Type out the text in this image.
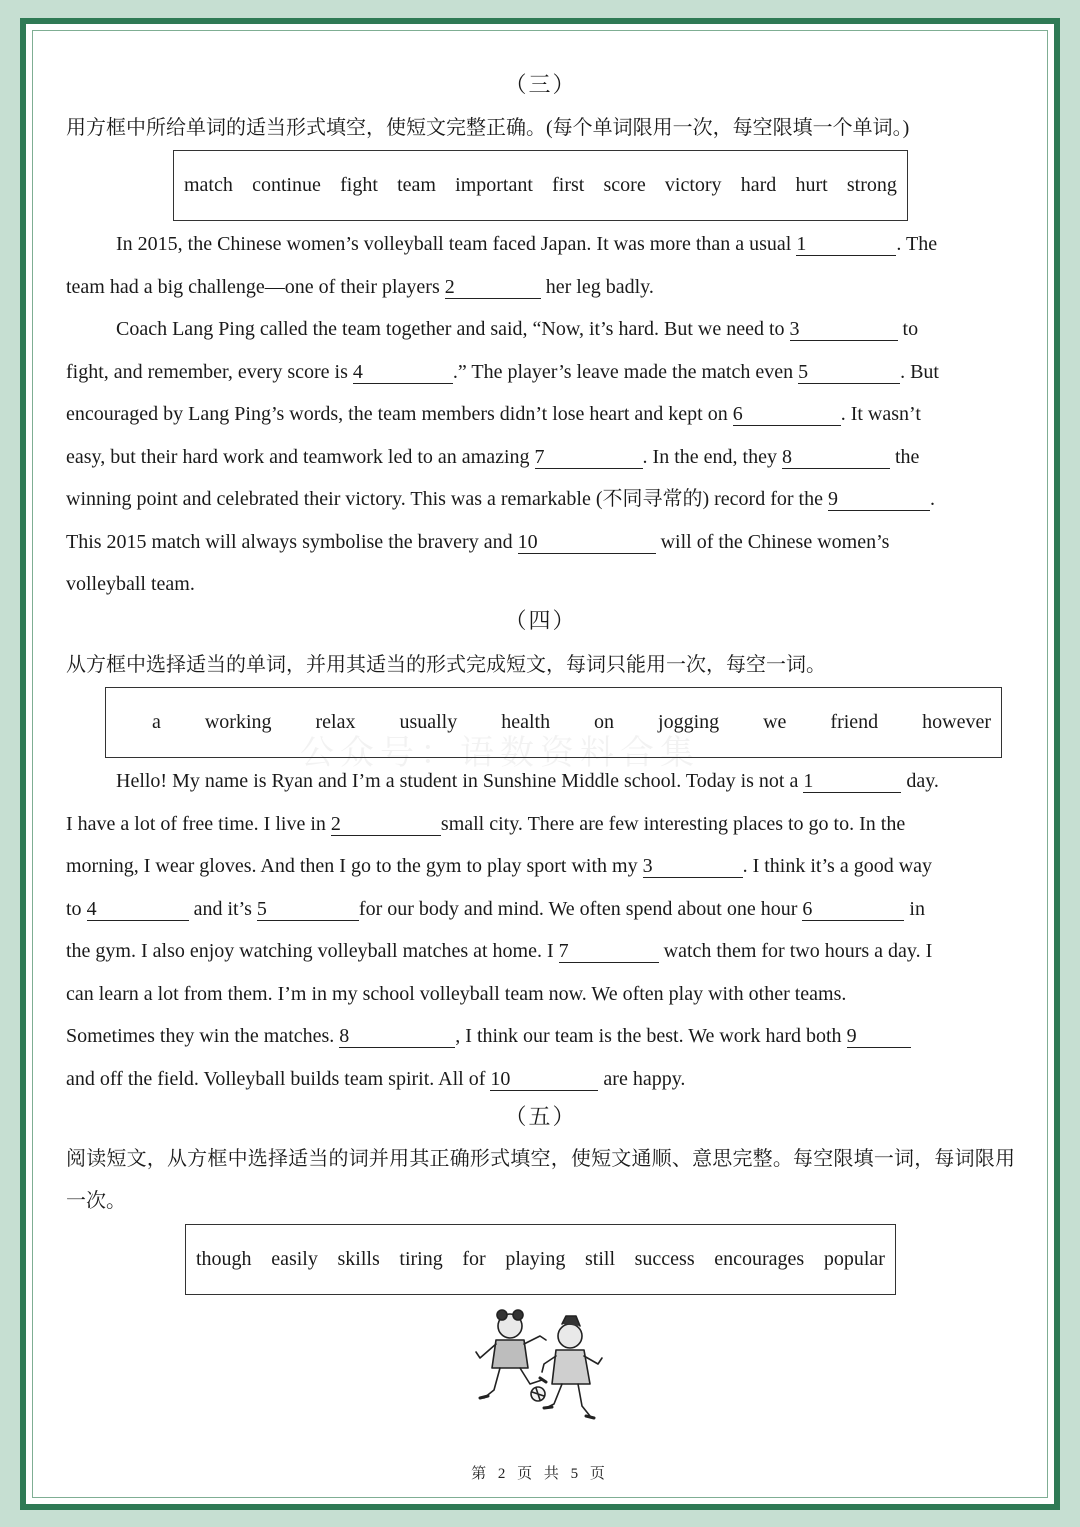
公众号：语数资料合集
（三）
用方框中所给单词的适当形式填空，使短文完整正确。(每个单词限用一次，每空限填一个单词。)
match continue fight team important first score victory hard hurt strong
In 2015, the Chinese women’s volleyball team faced Japan. It was more than a usual 1	. The
team had a big challenge—one of their players 2	her leg badly.
Coach Lang Ping called the team together and said, “Now, it’s hard. But we need to 3	to
fight, and remember, every score is 4	.” The player’s leave made the match even 5	. But
encouraged by Lang Ping’s words, the team members didn’t lose heart and kept on 6	. It wasn’t
easy, but their hard work and teamwork led to an amazing 7	. In the end, they 8	the
winning point and celebrated their victory. This was a remarkable (不同寻常的) record for the 9	.
This 2015 match will always symbolise the bravery and 10	will of the Chinese women’s
volleyball team.
（四）
从方框中选择适当的单词，并用其适当的形式完成短文，每词只能用一次，每空一词。
a working relax usually health on jogging we friend however
Hello! My name is Ryan and I’m a student in Sunshine Middle school. Today is not a 1	day.
I have a lot of free time. I live in 2	small city. There are few interesting places to go to. In the
morning, I wear gloves. And then I go to the gym to play sport with my 3	. I think it’s a good way
to 4	and it’s 5	for our body and mind. We often spend about one hour 6	in
the gym. I also enjoy watching volleyball matches at home. I 7	watch them for two hours a day. I
can learn a lot from them. I’m in my school volleyball team now. We often play with other teams.
Sometimes they win the matches. 8	, I think our team is the best. We work hard both 9
and off the field. Volleyball builds team spirit. All of 10	are happy.
（五）
阅读短文，从方框中选择适当的词并用其正确形式填空，使短文通顺、意思完整。每空限填一词，每词限用一次。
though easily skills tiring for playing still success encourages popular
第 2 页 共 5 页
